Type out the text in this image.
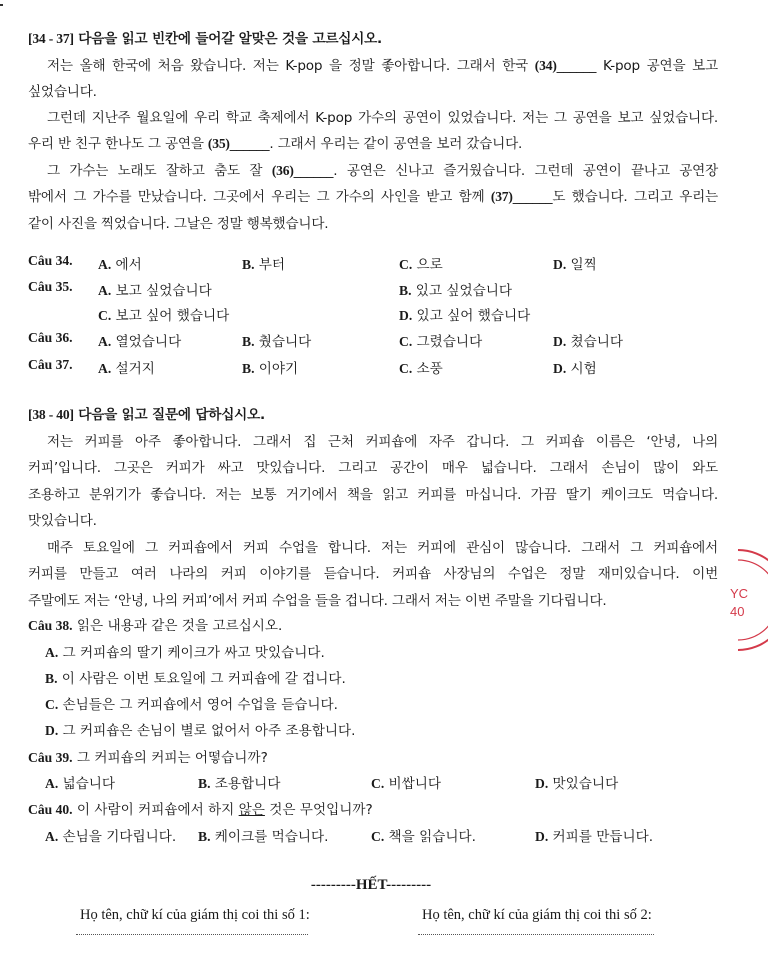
[34 - 37] 다음을 읽고 빈칸에 들어갈 알맞은 것을 고르십시오.
저는 올해 한국에 처음 왔습니다. 저는 K-pop 을 정말 좋아합니다. 그래서 한국 (34)______ K-pop 공연을 보고
싶었습니다.
그런데 지난주 월요일에 우리 학교 축제에서 K-pop 가수의 공연이 있었습니다. 저는 그 공연을 보고 싶었습니다.
우리 반 친구 한나도 그 공연을 (35)______. 그래서 우리는 같이 공연을 보러 갔습니다.
그 가수는 노래도 잘하고 춤도 잘 (36)______. 공연은 신나고 즐거웠습니다. 그런데 공연이 끝나고 공연장
밖에서 그 가수를 만났습니다. 그곳에서 우리는 그 가수의 사인을 받고 함께 (37)______도 했습니다. 그리고 우리는
같이 사진을 찍었습니다. 그날은 정말 행복했습니다.
Câu 34. A. 에서	B. 부터	C. 으로	D. 일찍
Câu 35. A. 보고 싶었습니다	B. 있고 싶었습니다
C. 보고 싶어 했습니다	D. 있고 싶어 했습니다
Câu 36. A. 열었습니다	B. 췄습니다	C. 그렸습니다	D. 쳤습니다
Câu 37. A. 설거지	B. 이야기	C. 소풍	D. 시험
[38 - 40] 다음을 읽고 질문에 답하십시오.
저는 커피를 아주 좋아합니다. 그래서 집 근처 커피숍에 자주 갑니다. 그 커피숍 이름은 ‘안녕, 나의
커피’입니다. 그곳은 커피가 싸고 맛있습니다. 그리고 공간이 매우 넓습니다. 그래서 손님이 많이 와도
조용하고 분위기가 좋습니다. 저는 보통 거기에서 책을 읽고 커피를 마십니다. 가끔 딸기 케이크도 먹습니다.
맛있습니다.
매주 토요일에 그 커피숍에서 커피 수업을 합니다. 저는 커피에 관심이 많습니다. 그래서 그 커피숍에서
커피를 만들고 여러 나라의 커피 이야기를 듣습니다. 커피숍 사장님의 수업은 정말 재미있습니다. 이번
주말에도 저는 ‘안녕, 나의 커피’에서 커피 수업을 들을 겁니다. 그래서 저는 이번 주말을 기다립니다.
Câu 38. 읽은 내용과 같은 것을 고르십시오.
A. 그 커피숍의 딸기 케이크가 싸고 맛있습니다.
B. 이 사람은 이번 토요일에 그 커피숍에 갈 겁니다.
C. 손님들은 그 커피숍에서 영어 수업을 듣습니다.
D. 그 커피숍은 손님이 별로 없어서 아주 조용합니다.
Câu 39. 그 커피숍의 커피는 어떻습니까?
A. 넓습니다	B. 조용합니다	C. 비쌉니다	D. 맛있습니다
Câu 40. 이 사람이 커피숍에서 하지 않은 것은 무엇입니까?
A. 손님을 기다립니다. B. 케이크를 먹습니다.	C. 책을 읽습니다.	D. 커피를 만듭니다.
---------HẾT---------
Họ tên, chữ kí của giám thị coi thi số 1:	Họ tên, chữ kí của giám thị coi thi số 2:
YC
40
